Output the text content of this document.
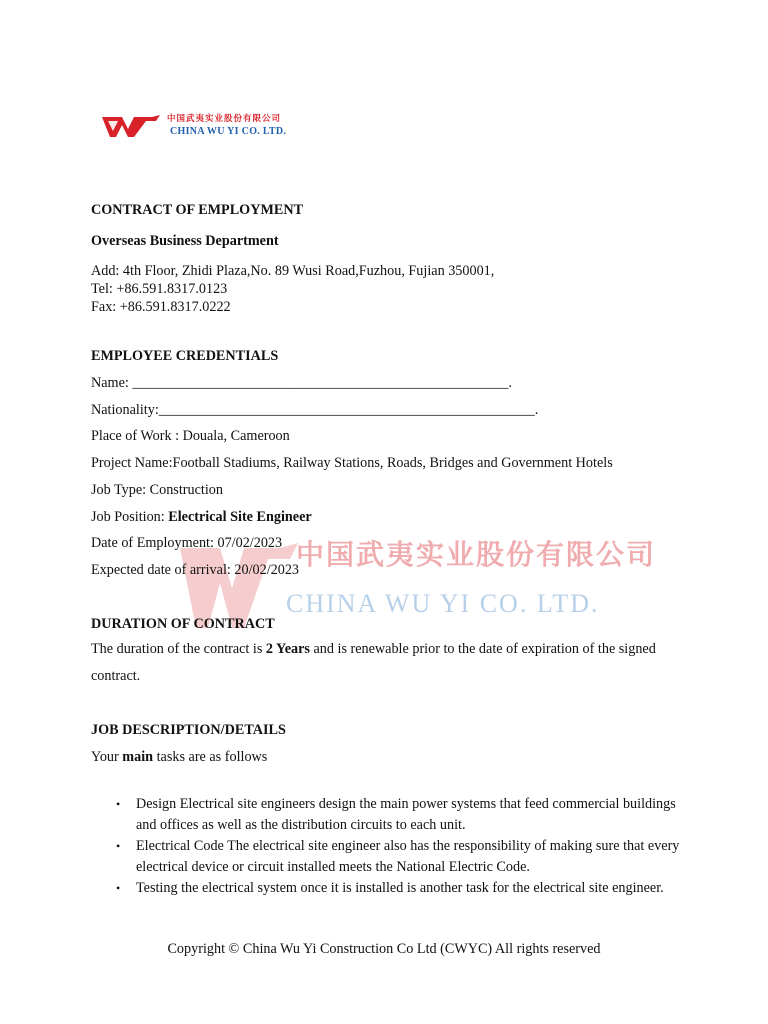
中国武夷实业股份有限公司
CHINA WU YI CO. LTD.
中国武夷实业股份有限公司
CHINA WU YI CO. LTD.
CONTRACT OF EMPLOYMENT
Overseas Business Department
Add: 4th Floor, Zhidi Plaza,No. 89 Wusi Road,Fuzhou, Fujian 350001,
Tel: +86.591.8317.0123
Fax: +86.591.8317.0222
EMPLOYEE CREDENTIALS
Name: _____________________________________________________.
Nationality:_____________________________________________________.
Place of Work : Douala, Cameroon
Project Name:Football Stadiums, Railway Stations, Roads, Bridges and Government Hotels
Job Type: Construction
Job Position: Electrical Site Engineer
Date of Employment: 07/02/2023
Expected date of arrival: 20/02/2023
DURATION OF CONTRACT
The duration of the contract is 2 Years and is renewable prior to the date of expiration of the signed contract.
JOB DESCRIPTION/DETAILS
Your main tasks are as follows
• Design Electrical site engineers design the main power systems that feed commercial buildings and offices as well as the distribution circuits to each unit.
• Electrical Code The electrical site engineer also has the responsibility of making sure that every electrical device or circuit installed meets the National Electric Code.
• Testing the electrical system once it is installed is another task for the electrical site engineer.
Copyright © China Wu Yi Construction Co Ltd (CWYC) All rights reserved
